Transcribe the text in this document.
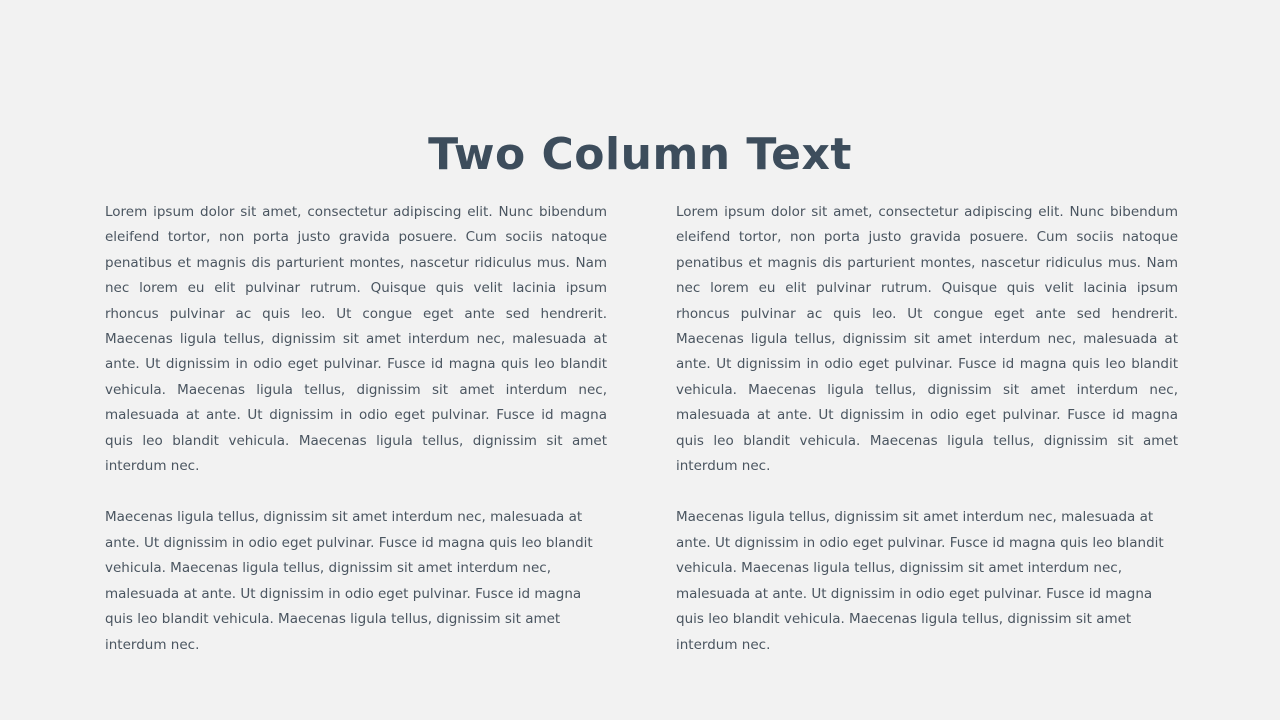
Two Column Text

Lorem ipsum dolor sit amet, consectetur adipiscing elit. Nunc bibendum eleifend tortor, non porta justo gravida posuere. Cum sociis natoque penatibus et magnis dis parturient montes, nascetur ridiculus mus. Nam nec lorem eu elit pulvinar rutrum. Quisque quis velit lacinia ipsum rhoncus pulvinar ac quis leo. Ut congue eget ante sed hendrerit. Maecenas ligula tellus, dignissim sit amet interdum nec, malesuada at ante. Ut dignissim in odio eget pulvinar. Fusce id magna quis leo blandit vehicula. Maecenas ligula tellus, dignissim sit amet interdum nec, malesuada at ante. Ut dignissim in odio eget pulvinar. Fusce id magna quis leo blandit vehicula. Maecenas ligula tellus, dignissim sit amet interdum nec.

Maecenas ligula tellus, dignissim sit amet interdum nec, malesuada at ante. Ut dignissim in odio eget pulvinar. Fusce id magna quis leo blandit vehicula. Maecenas ligula tellus, dignissim sit amet interdum nec, malesuada at ante. Ut dignissim in odio eget pulvinar. Fusce id magna quis leo blandit vehicula. Maecenas ligula tellus, dignissim sit amet interdum nec.

Lorem ipsum dolor sit amet, consectetur adipiscing elit. Nunc bibendum eleifend tortor, non porta justo gravida posuere. Cum sociis natoque penatibus et magnis dis parturient montes, nascetur ridiculus mus. Nam nec lorem eu elit pulvinar rutrum. Quisque quis velit lacinia ipsum rhoncus pulvinar ac quis leo. Ut congue eget ante sed hendrerit. Maecenas ligula tellus, dignissim sit amet interdum nec, malesuada at ante. Ut dignissim in odio eget pulvinar. Fusce id magna quis leo blandit vehicula. Maecenas ligula tellus, dignissim sit amet interdum nec, malesuada at ante. Ut dignissim in odio eget pulvinar. Fusce id magna quis leo blandit vehicula. Maecenas ligula tellus, dignissim sit amet interdum nec.

Maecenas ligula tellus, dignissim sit amet interdum nec, malesuada at ante. Ut dignissim in odio eget pulvinar. Fusce id magna quis leo blandit vehicula. Maecenas ligula tellus, dignissim sit amet interdum nec, malesuada at ante. Ut dignissim in odio eget pulvinar. Fusce id magna quis leo blandit vehicula. Maecenas ligula tellus, dignissim sit amet interdum nec.
